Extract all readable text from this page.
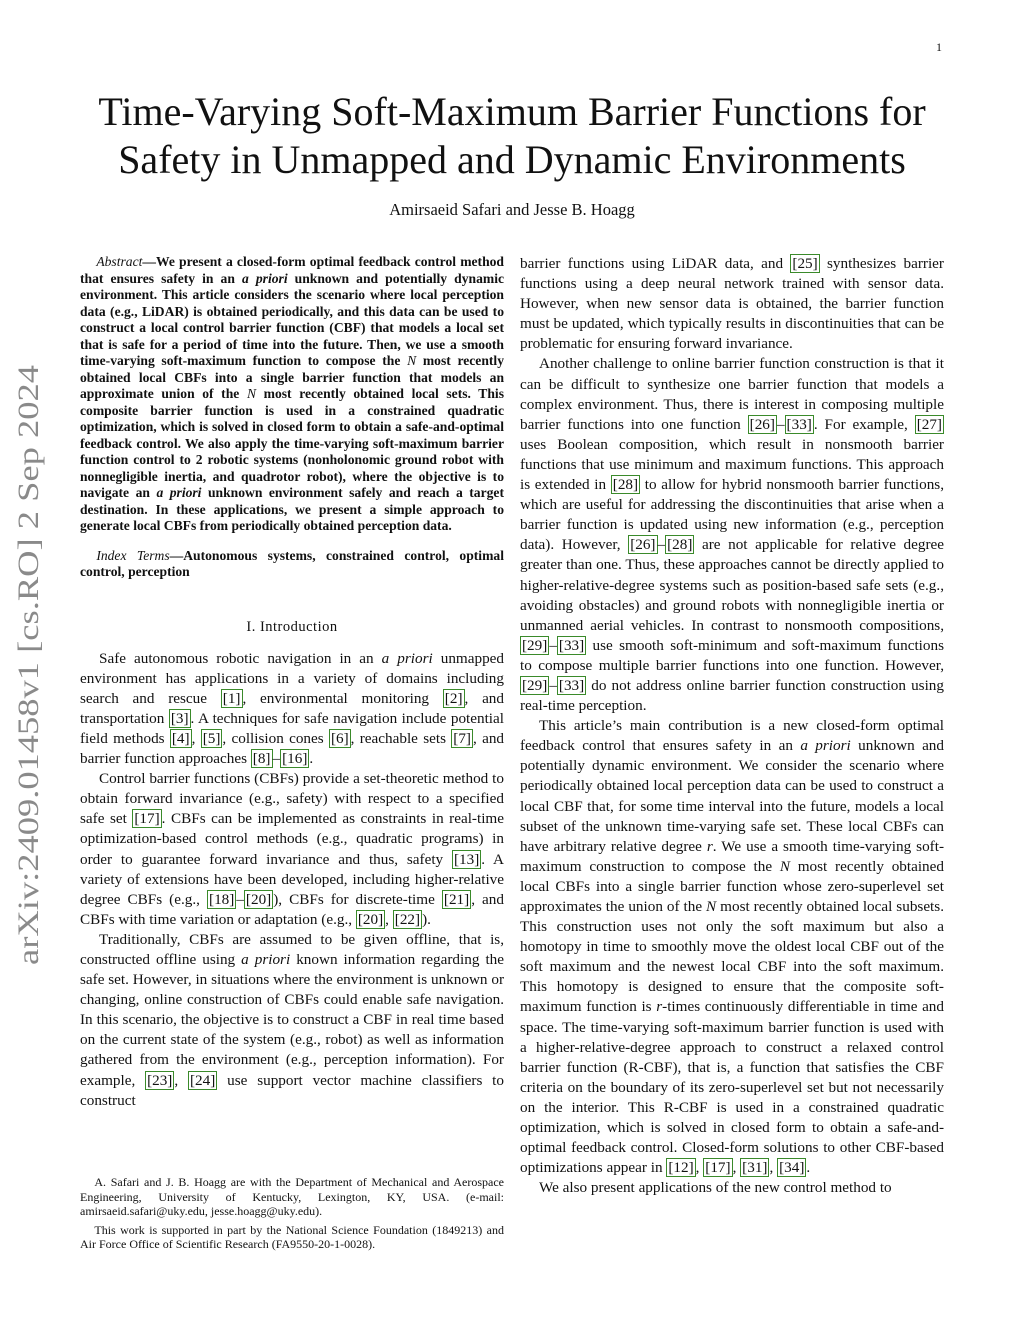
1
arXiv:2409.01458v1 [cs.RO] 2 Sep 2024
Time-Varying Soft-Maximum Barrier Functions for
Safety in Unmapped and Dynamic Environments
Amirsaeid Safari and Jesse B. Hoagg

Abstract—We present a closed-form optimal feedback control method that ensures safety in an a priori unknown and potentially dynamic environment. This article considers the scenario where local perception data (e.g., LiDAR) is obtained periodically, and this data can be used to construct a local control barrier function (CBF) that models a local set that is safe for a period of time into the future. Then, we use a smooth time-varying soft-maximum function to compose the N most recently obtained local CBFs into a single barrier function that models an approximate union of the N most recently obtained local sets. This composite barrier function is used in a constrained quadratic optimization, which is solved in closed form to obtain a safe-and-optimal feedback control. We also apply the time-varying soft-maximum barrier function control to 2 robotic systems (nonholonomic ground robot with nonnegligible inertia, and quadrotor robot), where the objective is to navigate an a priori unknown environment safely and reach a target destination. In these applications, we present a simple approach to generate local CBFs from periodically obtained perception data.

Index Terms—Autonomous systems, constrained control, optimal control, perception

I. Introduction

Safe autonomous robotic navigation in an a priori unmapped environment has applications in a variety of domains including search and rescue [1] , environmental monitoring [2] , and transportation [3] . A techniques for safe navigation include potential field methods [4] , [5] , collision cones [6] , reachable sets [7] , and barrier function approaches [8] – [16] .

Control barrier functions (CBFs) provide a set-theoretic method to obtain forward invariance (e.g., safety) with respect to a specified safe set [17] . CBFs can be implemented as constraints in real-time optimization-based control methods (e.g., quadratic programs) in order to guarantee forward invariance and thus, safety [13] . A variety of extensions have been developed, including higher-relative degree CBFs (e.g., [18] – [20] ), CBFs for discrete-time [21] , and CBFs with time variation or adaptation (e.g., [20] , [22] ).

Traditionally, CBFs are assumed to be given offline, that is, constructed offline using a priori known information regarding the safe set. However, in situations where the environment is unknown or changing, online construction of CBFs could enable safe navigation. In this scenario, the objective is to construct a CBF in real time based on the current state of the system (e.g., robot) as well as information gathered from the environment (e.g., perception information). For example, [23] , [24] use support vector machine classifiers to construct

A. Safari and J. B. Hoagg are with the Department of Mechanical and Aerospace Engineering, University of Kentucky, Lexington, KY, USA. (e-mail: amirsaeid.safari@uky.edu, jesse.hoagg@uky.edu).

This work is supported in part by the National Science Foundation (1849213) and Air Force Office of Scientific Research (FA9550-20-1-0028).

barrier functions using LiDAR data, and [25] synthesizes barrier functions using a deep neural network trained with sensor data. However, when new sensor data is obtained, the barrier function must be updated, which typically results in discontinuities that can be problematic for ensuring forward invariance.

Another challenge to online barrier function construction is that it can be difficult to synthesize one barrier function that models a complex environment. Thus, there is interest in composing multiple barrier functions into one function [26] – [33] . For example, [27] uses Boolean composition, which result in nonsmooth barrier functions that use minimum and maximum functions. This approach is extended in [28] to allow for hybrid nonsmooth barrier functions, which are useful for addressing the discontinuities that arise when a barrier function is updated using new information (e.g., perception data). However, [26] – [28] are not applicable for relative degree greater than one. Thus, these approaches cannot be directly applied to higher-relative-degree systems such as position-based safe sets (e.g., avoiding obstacles) and ground robots with nonnegligible inertia or unmanned aerial vehicles. In contrast to nonsmooth compositions, [29] – [33] use smooth soft-minimum and soft-maximum functions to compose multiple barrier functions into one function. However, [29] – [33] do not address online barrier function construction using real-time perception.

This article’s main contribution is a new closed-form optimal feedback control that ensures safety in an a priori unknown and potentially dynamic environment. We consider the scenario where periodically obtained local perception data can be used to construct a local CBF that, for some time interval into the future, models a local subset of the unknown time-varying safe set. These local CBFs can have arbitrary relative degree r. We use a smooth time-varying soft-maximum construction to compose the N most recently obtained local CBFs into a single barrier function whose zero-superlevel set approximates the union of the N most recently obtained local subsets. This construction uses not only the soft maximum but also a homotopy in time to smoothly move the oldest local CBF out of the soft maximum and the newest local CBF into the soft maximum. This homotopy is designed to ensure that the composite soft-maximum function is r-times continuously differentiable in time and space. The time-varying soft-maximum barrier function is used with a higher-relative-degree approach to construct a relaxed control barrier function (R-CBF), that is, a function that satisfies the CBF criteria on the boundary of its zero-superlevel set but not necessarily on the interior. This R-CBF is used in a constrained quadratic optimization, which is solved in closed form to obtain a safe-and-optimal feedback control. Closed-form solutions to other CBF-based optimizations appear in [12] , [17] , [31] , [34] .

We also present applications of the new control method to
